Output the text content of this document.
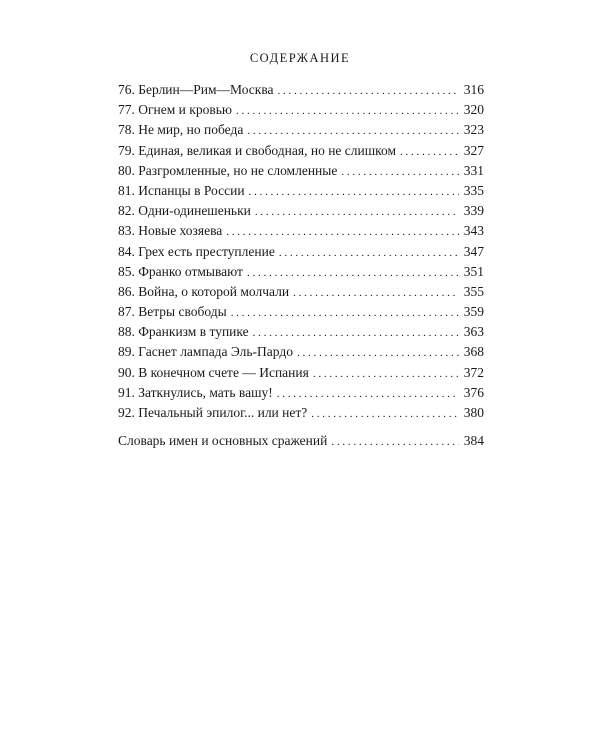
СОДЕРЖАНИЕ
76. Берлин—Рим—Москва . . .	316
77. Огнем и кровью . . .	320
78. Не мир, но победа . . .	323
79. Единая, великая и свободная, но не слишком . . .	327
80. Разгромленные, но не сломленные . . .	331
81. Испанцы в России . . .	335
82. Одни-одинешеньки . . .	339
83. Новые хозяева . . .	343
84. Грех есть преступление . . .	347
85. Франко отмывают . . .	351
86. Война, о которой молчали . . .	355
87. Ветры свободы . . .	359
88. Франкизм в тупике . . .	363
89. Гаснет лампада Эль-Пардо . . .	368
90. В конечном счете — Испания . . .	372
91. Заткнулись, мать вашу! . . .	376
92. Печальный эпилог... или нет? . . .	380
Словарь имен и основных сражений . . .	384
